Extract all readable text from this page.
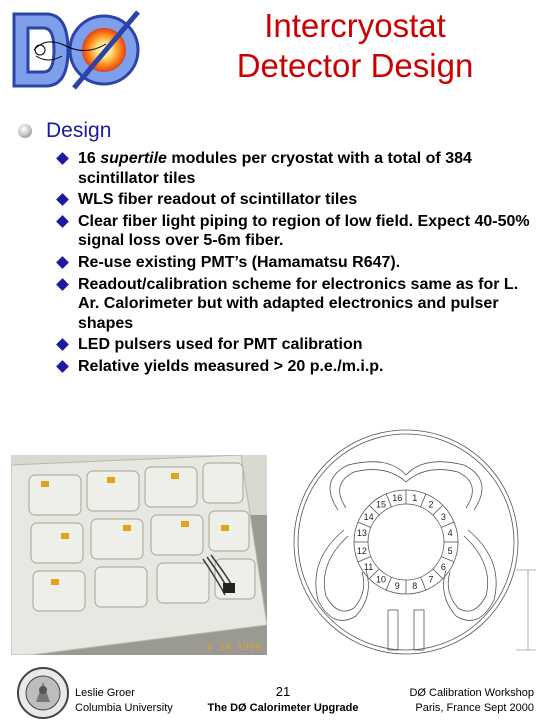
Intercryostat
Detector Design
Design
16 supertile modules per cryostat with a total of 384 scintillator tiles
WLS fiber readout of scintillator tiles
Clear fiber light piping to region of low field. Expect 40-50% signal loss over 5-6m fiber.
Re-use existing PMT’s (Hamamatsu R647).
Readout/calibration scheme for electronics same as for L. Ar. Calorimeter but with adapted electronics and pulser shapes
LED pulsers used for PMT calibration
Relative yields measured > 20 p.e./m.i.p.
6 24 1999
1
2
3
4
5
6
7
8
9
10
11
12
13
14
15
16
Leslie Groer
Columbia University
21
The DØ Calorimeter Upgrade
DØ Calibration Workshop
Paris, France Sept 2000
